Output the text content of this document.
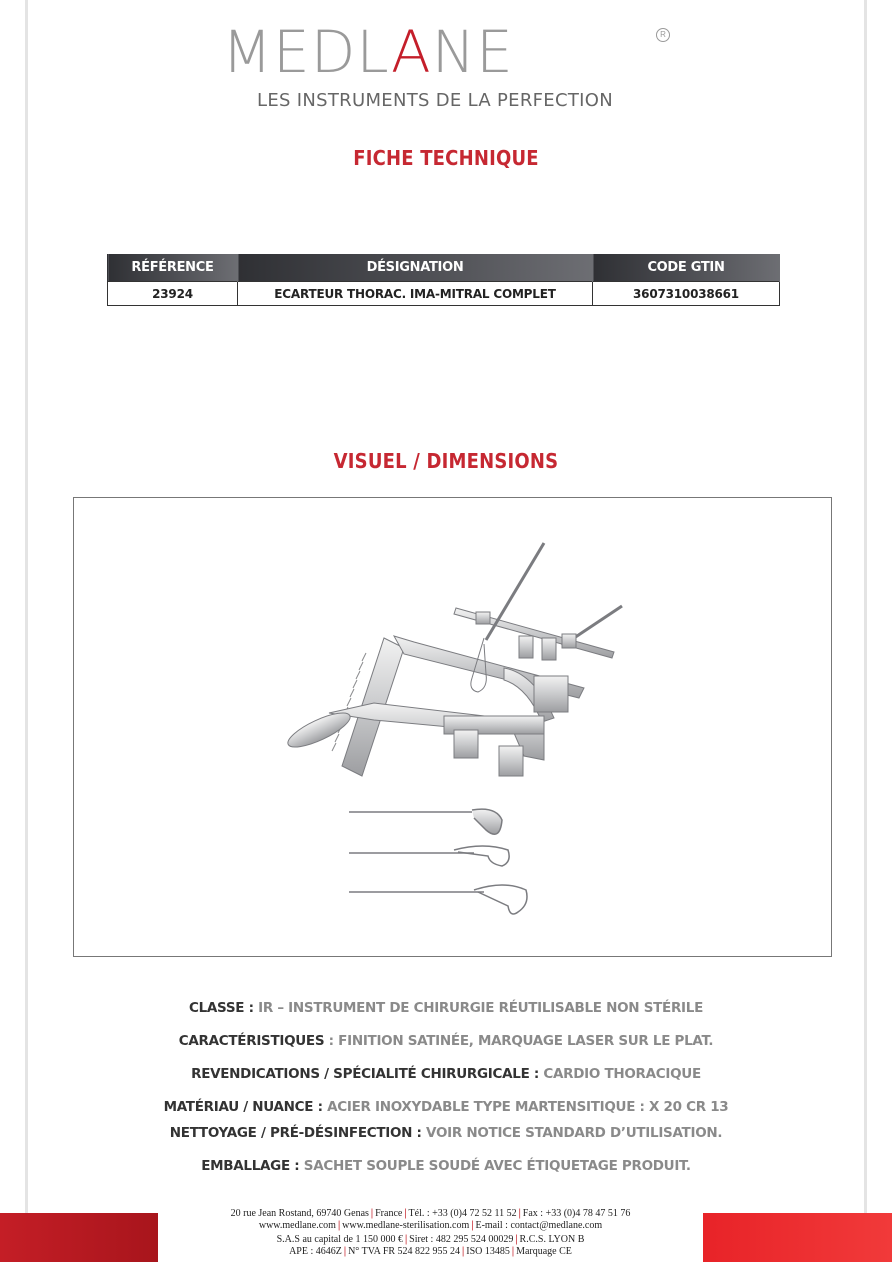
MEDLANE	R
LES INSTRUMENTS DE LA PERFECTION
FICHE TECHNIQUE
RÉFÉRENCE	DÉSIGNATION	CODE GTIN
23924	ECARTEUR THORAC. IMA-MITRAL COMPLET	3607310038661
VISUEL / DIMENSIONS
CLASSE : IR – INSTRUMENT DE CHIRURGIE RÉUTILISABLE NON STÉRILE
CARACTÉRISTIQUES : FINITION SATINÉE, MARQUAGE LASER SUR LE PLAT.
REVENDICATIONS / SPÉCIALITÉ CHIRURGICALE : CARDIO THORACIQUE
MATÉRIAU / NUANCE : ACIER INOXYDABLE TYPE MARTENSITIQUE : X 20 CR 13
NETTOYAGE / PRÉ-DÉSINFECTION : VOIR NOTICE STANDARD D’UTILISATION.
EMBALLAGE : SACHET SOUPLE SOUDÉ AVEC ÉTIQUETAGE PRODUIT.
20 rue Jean Rostand, 69740 Genas | France | Tél. : +33 (0)4 72 52 11 52 | Fax : +33 (0)4 78 47 51 76
www.medlane.com | www.medlane-sterilisation.com | E-mail : contact@medlane.com
S.A.S au capital de 1 150 000 € | Siret : 482 295 524 00029 | R.C.S. LYON B
APE : 4646Z | N° TVA FR 524 822 955 24 | ISO 13485 | Marquage CE
